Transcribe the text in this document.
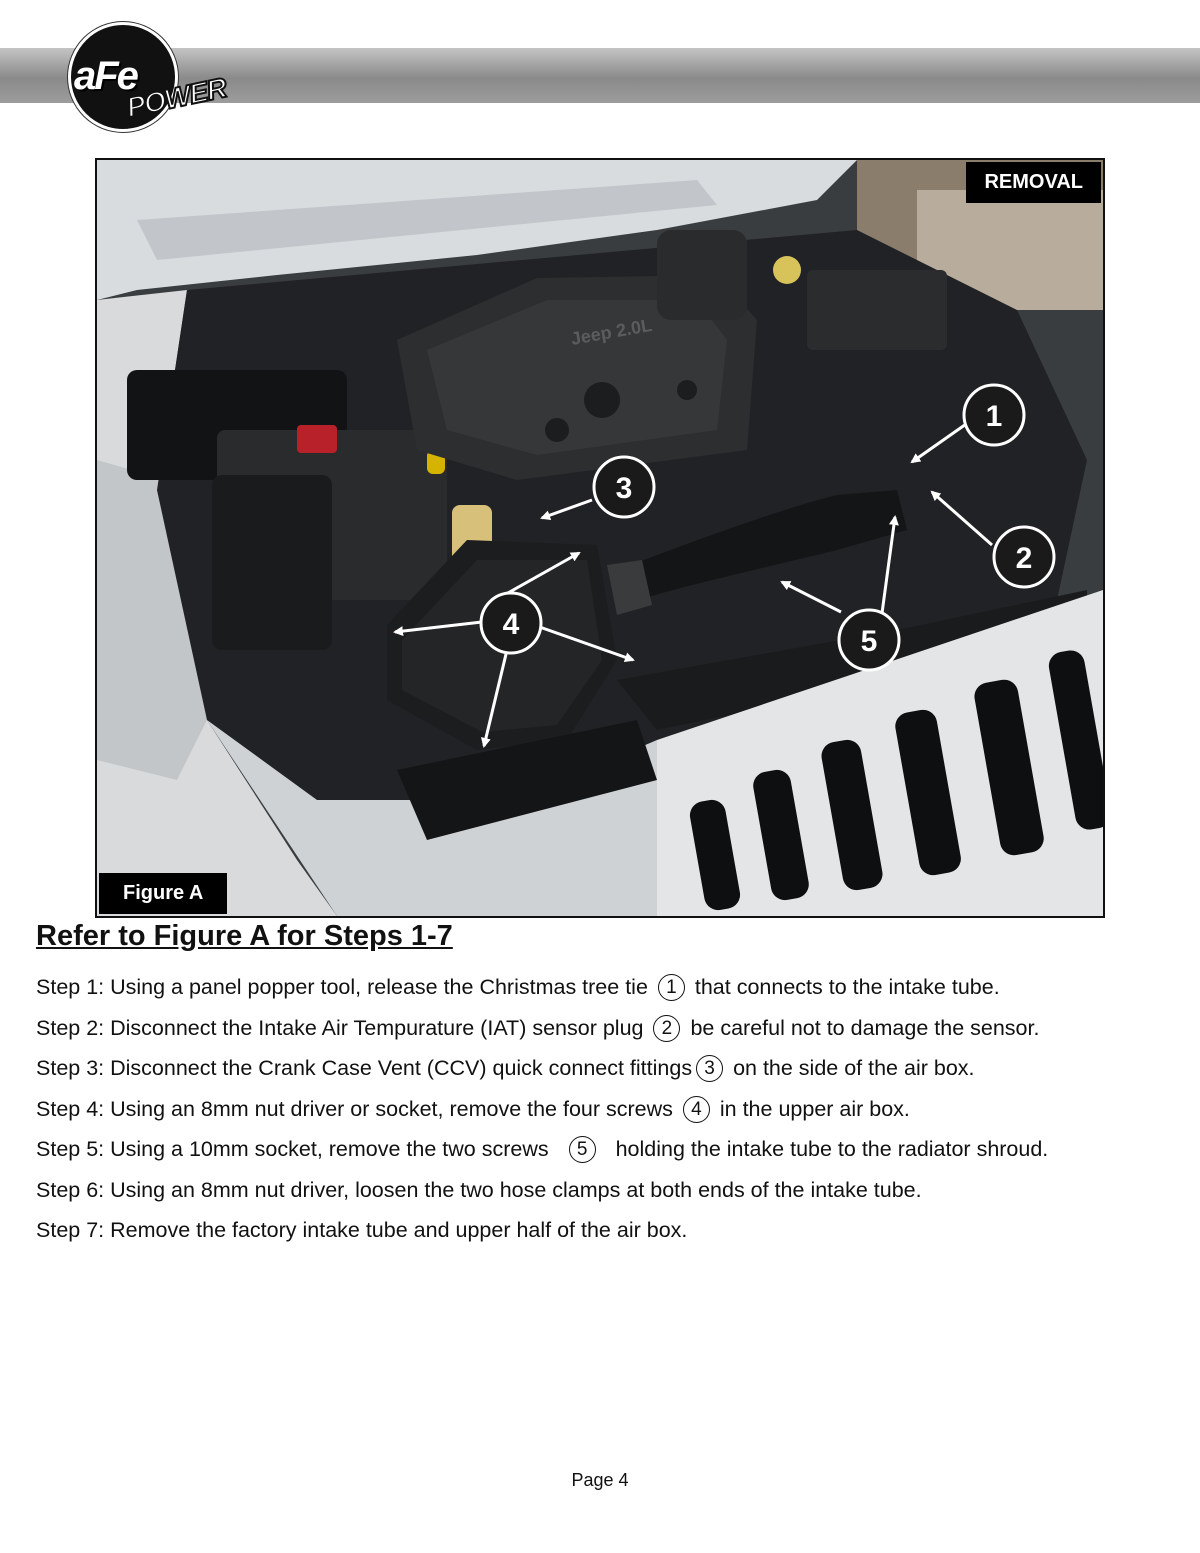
aFe
POWER
Jeep 2.0L
1
2
3
4
5
REMOVAL
Figure A
Refer to Figure A for Steps 1-7
Step 1: Using a panel popper tool, release the Christmas tree tie 1 that connects to the intake tube.
Step 2: Disconnect the Intake Air Tempurature (IAT) sensor plug 2 be careful not to damage the sensor.
Step 3: Disconnect the Crank Case Vent (CCV) quick connect fittings 3 on the side of the air box.
Step 4: Using an 8mm nut driver or socket, remove the four screws 4 in the upper air box.
Step 5: Using a 10mm socket, remove the two screws 5 holding the intake tube to the radiator shroud.
Step 6: Using an 8mm nut driver, loosen the two hose clamps at both ends of the intake tube.
Step 7: Remove the factory intake tube and upper half of the air box.
Page 4
